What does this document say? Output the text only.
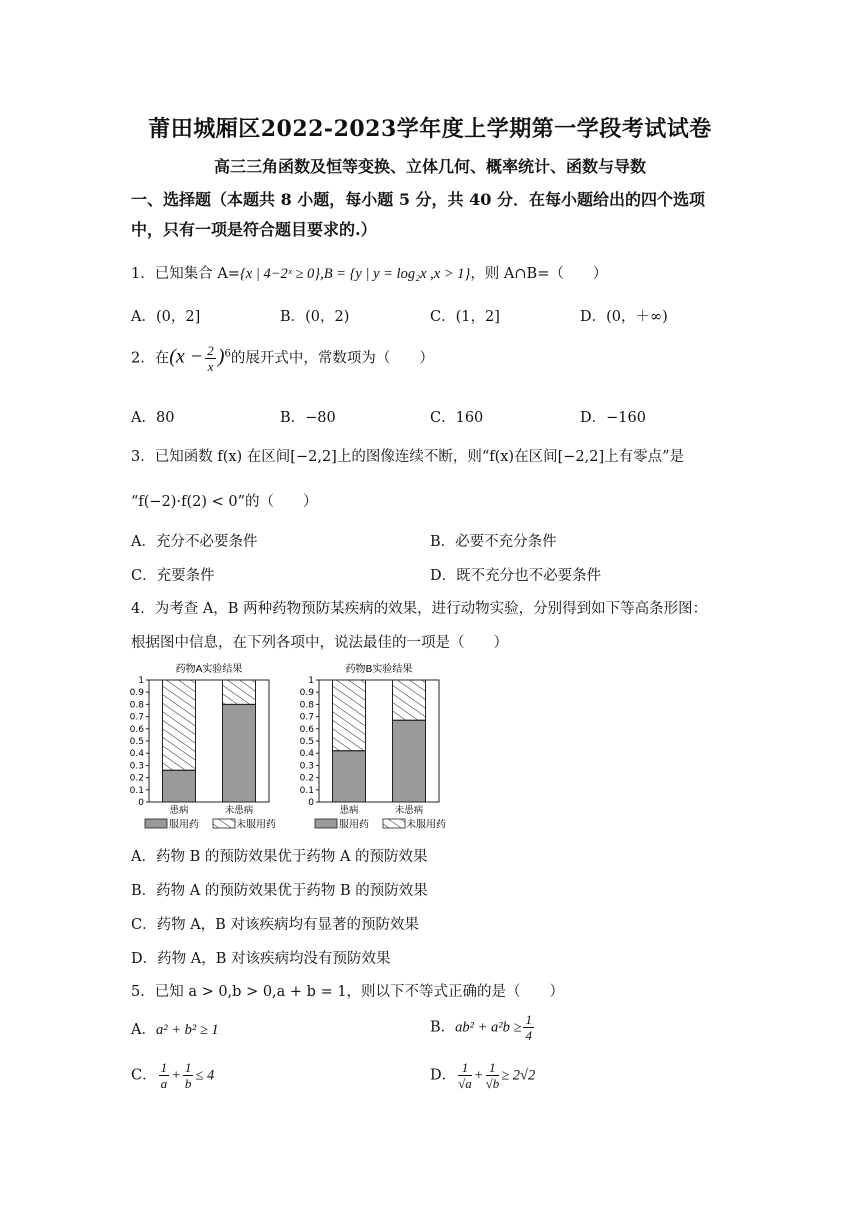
莆田城厢区2022-2023学年度上学期第一学段考试试卷
高三三角函数及恒等变换、立体几何、概率统计、函数与导数
一、选择题（本题共 8 小题，每小题 5 分，共 40 分．在每小题给出的四个选项
中，只有一项是符合题目要求的.）
1．已知集合 A={x | 4−2ˣ ≥ 0},B = {y | y = log₂x ,x > 1}，则 A∩B=（　　）
A．(0，2]	B．(0，2)	C．(1，2]	D．(0，＋∞)
2．在$(x - \frac{2}{x} )^6$的展开式中，常数项为（　　）
A．80	B．−80	C．160	D．−160
3．已知函数 f(x) 在区间[−2,2]上的图像连续不断，则“f(x)在区间[−2,2]上有零点”是
“f(−2)·f(2) < 0”的（　　）
A．充分不必要条件	B．必要不充分条件
C．充要条件	D．既不充分也不必要条件
4．为考查 A，B 两种药物预防某疾病的效果，进行动物实验，分别得到如下等高条形图：
根据图中信息，在下列各项中，说法最佳的一项是（　　）
药物A实验结果
0
0.1
0.2
0.3
0.4
0.5
0.6
0.7
0.8
0.9
1
患病	未患病
服用药	未服用药
药物B实验结果
0
0.1
0.2
0.3
0.4
0.5
0.6
0.7
0.8
0.9
1
患病	未患病
服用药	未服用药
A．药物 B 的预防效果优于药物 A 的预防效果
B．药物 A 的预防效果优于药物 B 的预防效果
C．药物 A，B 对该疾病均有显著的预防效果
D．药物 A，B 对该疾病均没有预防效果
5．已知 a > 0,b > 0,a + b = 1，则以下不等式正确的是（　　）
A．a² + b² ≥ 1	B．$ab^2 + a^2b \ge \frac{1}{4}$
C． $\frac{1}{a} + \frac{1}{b} \le 4$	D． $\frac{1}{√a} + \frac{1}{√b} \ge 2√2$
